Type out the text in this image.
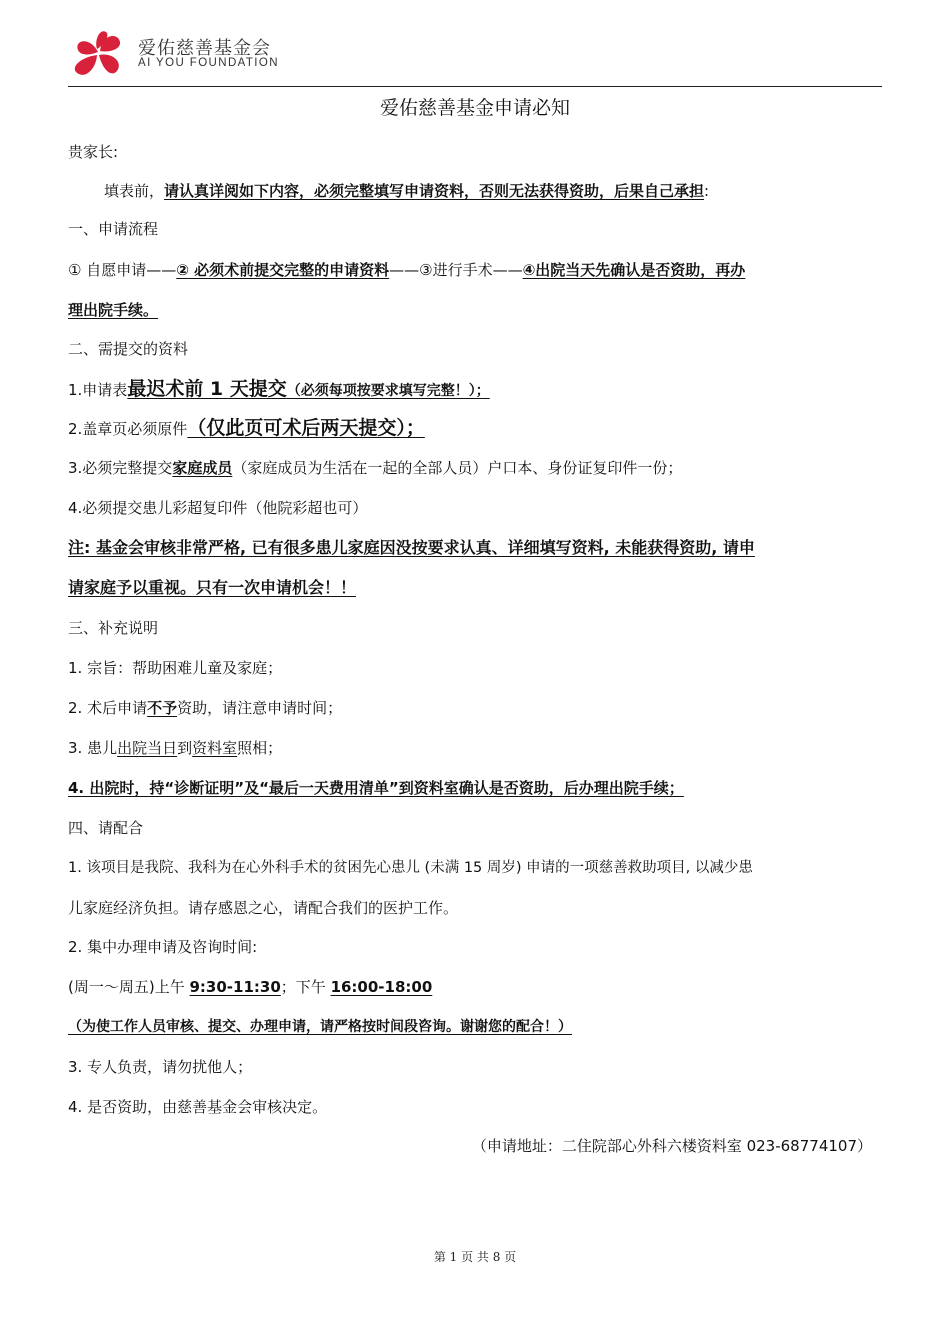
爱佑慈善基金会
AI YOU FOUNDATION
爱佑慈善基金申请必知
贵家长:
填表前，请认真详阅如下内容，必须完整填写申请资料，否则无法获得资助，后果自己承担:
一、申请流程
① 自愿申请——② 必须术前提交完整的申请资料——③进行手术——④出院当天先确认是否资助，再办
理出院手续。
二、需提交的资料
1.申请表最迟术前 1 天提交（必须每项按要求填写完整！）；
2.盖章页必须原件（仅此页可术后两天提交）；
3.必须完整提交家庭成员（家庭成员为生活在一起的全部人员）户口本、身份证复印件一份；
4.必须提交患儿彩超复印件（他院彩超也可）
注: 基金会审核非常严格, 已有很多患儿家庭因没按要求认真、详细填写资料, 未能获得资助, 请申
请家庭予以重视。只有一次申请机会！！
三、补充说明
1. 宗旨：帮助困难儿童及家庭；
2. 术后申请不予资助，请注意申请时间；
3. 患儿出院当日到资料室照相；
4. 出院时，持“诊断证明”及“最后一天费用清单”到资料室确认是否资助，后办理出院手续；
四、请配合
1. 该项目是我院、我科为在心外科手术的贫困先心患儿 (未满 15 周岁) 申请的一项慈善救助项目, 以减少患
儿家庭经济负担。请存感恩之心，请配合我们的医护工作。
2. 集中办理申请及咨询时间:
(周一～周五)上午 9:30-11:30；下午 16:00-18:00
（为使工作人员审核、提交、办理申请，请严格按时间段咨询。谢谢您的配合！）
3. 专人负责，请勿扰他人；
4. 是否资助，由慈善基金会审核决定。
（申请地址：二住院部心外科六楼资料室 023-68774107）
第 1 页 共 8 页
